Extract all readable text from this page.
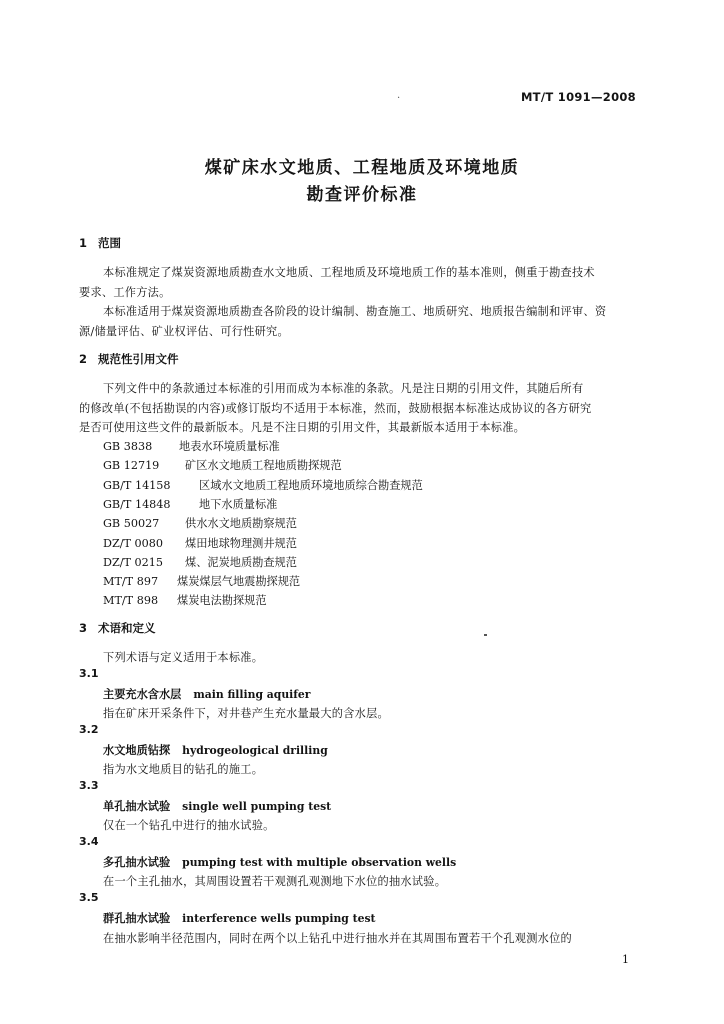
.	MT/T 1091—2008
煤矿床水文地质、工程地质及环境地质
勘查评价标准
1 范围
本标准规定了煤炭资源地质勘查水文地质、工程地质及环境地质工作的基本准则，侧重于勘查技术
要求、工作方法。
本标准适用于煤炭资源地质勘查各阶段的设计编制、勘查施工、地质研究、地质报告编制和评审、资
源/储量评估、矿业权评估、可行性研究。
2 规范性引用文件
下列文件中的条款通过本标准的引用而成为本标准的条款。凡是注日期的引用文件，其随后所有
的修改单(不包括勘误的内容)或修订版均不适用于本标准，然而，鼓励根据本标准达成协议的各方研究
是否可使用这些文件的最新版本。凡是不注日期的引用文件，其最新版本适用于本标准。
GB 3838 地表水环境质量标准
GB 12719 矿区水文地质工程地质勘探规范
GB/T 14158	区域水文地质工程地质环境地质综合勘查规范
GB/T 14848	地下水质量标准
GB 50027 供水水文地质勘察规范
DZ/T 0080 煤田地球物理测井规范
DZ/T 0215 煤、泥炭地质勘查规范
MT/T 897 煤炭煤层气地震勘探规范
MT/T 898 煤炭电法勘探规范
3 术语和定义
下列术语与定义适用于本标准。
3.1
主要充水含水层 main filling aquifer
指在矿床开采条件下，对井巷产生充水量最大的含水层。
3.2
水文地质钻探 hydrogeological drilling
指为水文地质目的钻孔的施工。
3.3
单孔抽水试验 single well pumping test
仅在一个钻孔中进行的抽水试验。
3.4
多孔抽水试验 pumping test with multiple observation wells
在一个主孔抽水，其周围设置若干观测孔观测地下水位的抽水试验。
3.5
群孔抽水试验 interference wells pumping test
在抽水影响半径范围内，同时在两个以上钻孔中进行抽水并在其周围布置若干个孔观测水位的
1
